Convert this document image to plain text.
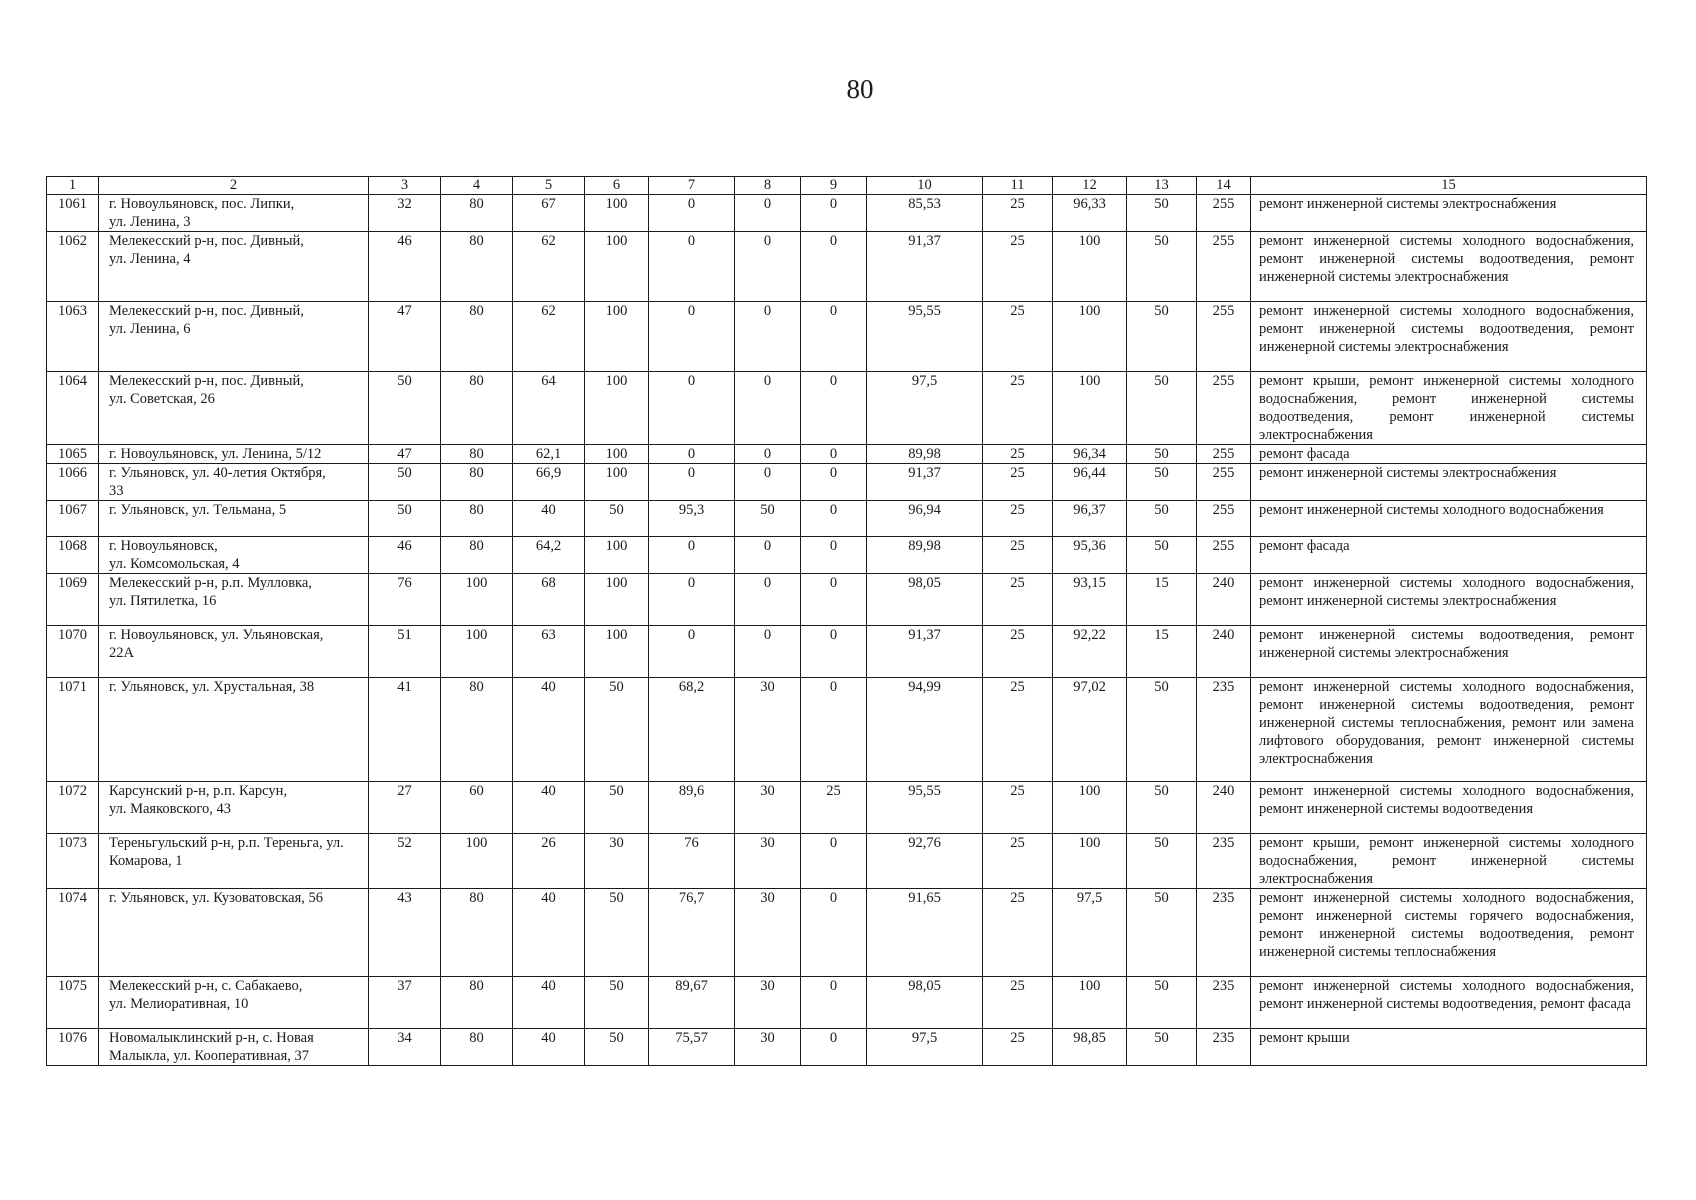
80
1	2	3	4	5	6	7	8	9	10	11	12	13	14	15
1061	г. Новоульяновск, пос. Липки,
ул. Ленина, 3	32	80	67	100	0	0	0	85,53	25	96,33	50	255	ремонт инженерной системы электроснабжения
1062	Мелекесский р-н, пос. Дивный,
ул. Ленина, 4	46	80	62	100	0	0	0	91,37	25	100	50	255	ремонт инженерной системы холодного водоснабжения, ремонт инженерной системы водоотведения, ремонт инженерной системы электроснабжения
1063	Мелекесский р-н, пос. Дивный,
ул. Ленина, 6	47	80	62	100	0	0	0	95,55	25	100	50	255	ремонт инженерной системы холодного водоснабжения, ремонт инженерной системы водоотведения, ремонт инженерной системы электроснабжения
1064	Мелекесский р-н, пос. Дивный,
ул. Советская, 26	50	80	64	100	0	0	0	97,5	25	100	50	255	ремонт крыши, ремонт инженерной системы холодного водоснабжения, ремонт инженерной системы водоотведения, ремонт инженерной системы электроснабжения
1065	г. Новоульяновск, ул. Ленина, 5/12	47	80	62,1	100	0	0	0	89,98	25	96,34	50	255	ремонт фасада
1066	г. Ульяновск, ул. 40-летия Октября,
33	50	80	66,9	100	0	0	0	91,37	25	96,44	50	255	ремонт инженерной системы электроснабжения
1067	г. Ульяновск, ул. Тельмана, 5	50	80	40	50	95,3	50	0	96,94	25	96,37	50	255	ремонт инженерной системы холодного водоснабжения
1068	г. Новоульяновск,
ул. Комсомольская, 4	46	80	64,2	100	0	0	0	89,98	25	95,36	50	255	ремонт фасада
1069	Мелекесский р-н, р.п. Мулловка,
ул. Пятилетка, 16	76	100	68	100	0	0	0	98,05	25	93,15	15	240	ремонт инженерной системы холодного водоснабжения, ремонт инженерной системы электроснабжения
1070	г. Новоульяновск, ул. Ульяновская,
22А	51	100	63	100	0	0	0	91,37	25	92,22	15	240	ремонт инженерной системы водоотведения, ремонт инженерной системы электроснабжения
1071	г. Ульяновск, ул. Хрустальная, 38	41	80	40	50	68,2	30	0	94,99	25	97,02	50	235	ремонт инженерной системы холодного водоснабжения, ремонт инженерной системы водоотведения, ремонт инженерной системы теплоснабжения, ремонт или замена лифтового оборудования, ремонт инженерной системы электроснабжения
1072	Карсунский р-н, р.п. Карсун,
ул. Маяковского, 43	27	60	40	50	89,6	30	25	95,55	25	100	50	240	ремонт инженерной системы холодного водоснабжения, ремонт инженерной системы водоотведения
1073	Тереньгульский р-н, р.п. Тереньга, ул.
Комарова, 1	52	100	26	30	76	30	0	92,76	25	100	50	235	ремонт крыши, ремонт инженерной системы холодного водоснабжения, ремонт инженерной системы электроснабжения
1074	г. Ульяновск, ул. Кузоватовская, 56	43	80	40	50	76,7	30	0	91,65	25	97,5	50	235	ремонт инженерной системы холодного водоснабжения, ремонт инженерной системы горячего водоснабжения, ремонт инженерной системы водоотведения, ремонт инженерной системы теплоснабжения
1075	Мелекесский р-н, с. Сабакаево,
ул. Мелиоративная, 10	37	80	40	50	89,67	30	0	98,05	25	100	50	235	ремонт инженерной системы холодного водоснабжения, ремонт инженерной системы водоотведения, ремонт фасада
1076	Новомалыклинский р-н, с. Новая
Малыкла, ул. Кооперативная, 37	34	80	40	50	75,57	30	0	97,5	25	98,85	50	235	ремонт крыши
